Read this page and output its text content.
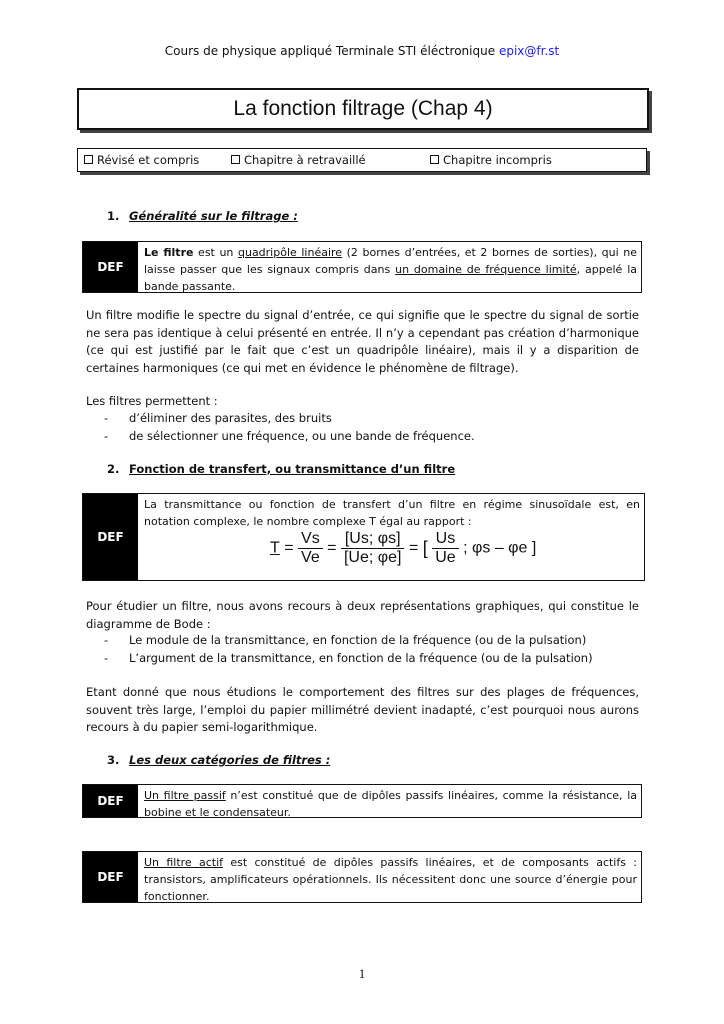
Cours de physique appliqué Terminale STI éléctronique epix@fr.st
La fonction filtrage (Chap 4)
Révisé et compris	Chapitre à retravaillé	Chapitre incompris
1. Généralité sur le filtrage :
DEF
Le filtre est un quadripôle linéaire (2 bornes d’entrées, et 2 bornes de sorties), qui ne laisse passer que les signaux compris dans un domaine de fréquence limité, appelé la bande passante.
Un filtre modifie le spectre du signal d’entrée, ce qui signifie que le spectre du signal de sortie ne sera pas identique à celui présenté en entrée. Il n’y a cependant pas création d’harmonique (ce qui est justifié par le fait que c’est un quadripôle linéaire), mais il y a disparition de certaines harmoniques (ce qui met en évidence le phénomène de filtrage).
Les filtres permettent :
- d’éliminer des parasites, des bruits
- de sélectionner une fréquence, ou une bande de fréquence.
2. Fonction de transfert, ou transmittance d’un filtre
DEF
La transmittance ou fonction de transfert d’un filtre en régime sinusoïdale est, en notation complexe, le nombre complexe T égal au rapport :
$T = \frac{Vs}{Ve} = \frac{[Us; \varphi s]}{[Ue; \varphi e]}$ = [ $\frac{Us}{Ue}$ ; φs – φe ]
Pour étudier un filtre, nous avons recours à deux représentations graphiques, qui constitue le diagramme de Bode :
- Le module de la transmittance, en fonction de la fréquence (ou de la pulsation)
- L’argument de la transmittance, en fonction de la fréquence (ou de la pulsation)
Etant donné que nous étudions le comportement des filtres sur des plages de fréquences, souvent très large, l’emploi du papier millimétré devient inadapté, c’est pourquoi nous aurons recours à du papier semi-logarithmique.
3. Les deux catégories de filtres :
DEF	Un filtre passif n’est constitué que de dipôles passifs linéaires, comme la résistance, la bobine et le condensateur.
DEF
Un filtre actif est constitué de dipôles passifs linéaires, et de composants actifs : transistors, amplificateurs opérationnels. Ils nécessitent donc une source d’énergie pour fonctionner.
1
